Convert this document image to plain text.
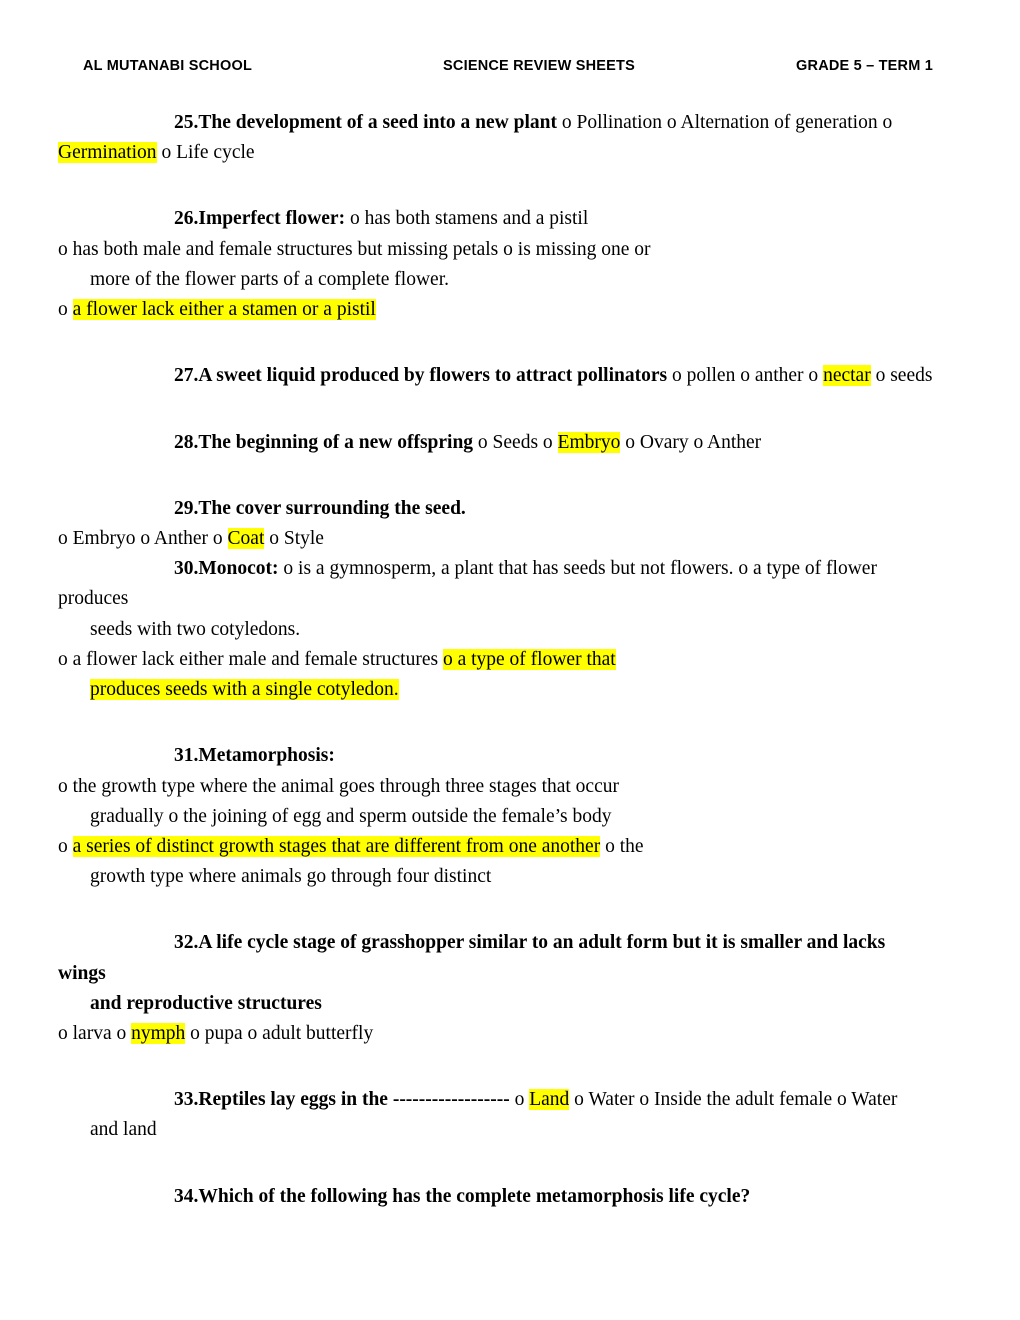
AL MUTANABI SCHOOL	SCIENCE REVIEW SHEETS	GRADE 5 – TERM 1
25.The development of a seed into a new plant o Pollination o Alternation of generation o
Germination o Life cycle
26.Imperfect flower: o has both stamens and a pistil
o has both male and female structures but missing petals o is missing one or
more of the flower parts of a complete flower.
o a flower lack either a stamen or a pistil
27.A sweet liquid produced by flowers to attract pollinators o pollen o anther o nectar o seeds
28.The beginning of a new offspring o Seeds o Embryo o Ovary o Anther
29.The cover surrounding the seed.
o Embryo o Anther o Coat o Style
30.Monocot: o is a gymnosperm, a plant that has seeds but not flowers. o a type of flower produces
seeds with two cotyledons.
o a flower lack either male and female structures o a type of flower that
produces seeds with a single cotyledon.
31.Metamorphosis:
o the growth type where the animal goes through three stages that occur
gradually o the joining of egg and sperm outside the female’s body
o a series of distinct growth stages that are different from one another o the
growth type where animals go through four distinct
32.A life cycle stage of grasshopper similar to an adult form but it is smaller and lacks wings
and reproductive structures
o larva o nymph o pupa o adult butterfly
33.Reptiles lay eggs in the ------------------ o Land o Water o Inside the adult female o Water
and land
34.Which of the following has the complete metamorphosis life cycle?
